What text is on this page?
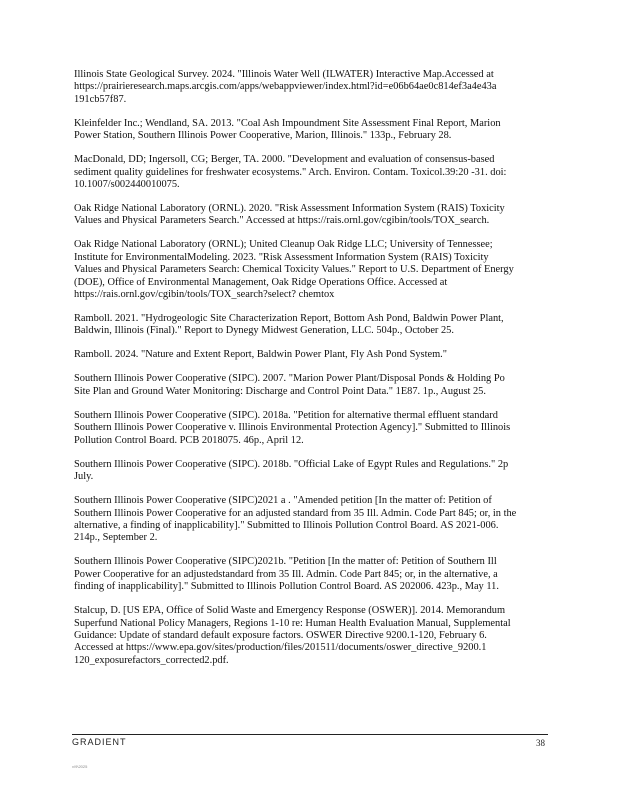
Illinois State Geological Survey. 2024. "Illinois Water Well (ILWATER) Interactive Map.Accessed at
https://prairieresearch.maps.arcgis.com/apps/webappviewer/index.html?id=e06b64ae0c814ef3a4e43a
191cb57f87.
Kleinfelder Inc.; Wendland, SA. 2013. "Coal Ash Impoundment Site Assessment Final Report, Marion
Power Station, Southern Illinois Power Cooperative, Marion, Illinois." 133p., February 28.
MacDonald, DD; Ingersoll, CG; Berger, TA. 2000. "Development and evaluation of consensus-based
sediment quality guidelines for freshwater ecosystems." Arch. Environ. Contam. Toxicol.39:20 -31. doi:
10.1007/s002440010075.
Oak Ridge National Laboratory (ORNL). 2020. "Risk Assessment Information System (RAIS) Toxicity
Values and Physical Parameters Search." Accessed at https://rais.ornl.gov/cgibin/tools/TOX_search.
Oak Ridge National Laboratory (ORNL); United Cleanup Oak Ridge LLC; University of Tennessee;
Institute for EnvironmentalModeling. 2023. "Risk Assessment Information System (RAIS) Toxicity
Values and Physical Parameters Search: Chemical Toxicity Values." Report to U.S. Department of Energy
(DOE), Office of Environmental Management, Oak Ridge Operations Office. Accessed at
https://rais.ornl.gov/cgibin/tools/TOX_search?select? chemtox
Ramboll. 2021. "Hydrogeologic Site Characterization Report, Bottom Ash Pond, Baldwin Power Plant,
Baldwin, Illinois (Final)." Report to Dynegy Midwest Generation, LLC. 504p., October 25.
Ramboll. 2024. "Nature and Extent Report, Baldwin Power Plant, Fly Ash Pond System."
Southern Illinois Power Cooperative (SIPC). 2007. "Marion Power Plant/Disposal Ponds & Holding Po
Site Plan and Ground Water Monitoring: Discharge and Control Point Data." 1E87. 1p., August 25.
Southern Illinois Power Cooperative (SIPC). 2018a. "Petition for alternative thermal effluent standard
Southern Illinois Power Cooperative v. Illinois Environmental Protection Agency]." Submitted to Illinois
Pollution Control Board. PCB 2018075. 46p., April 12.
Southern Illinois Power Cooperative (SIPC). 2018b. "Official Lake of Egypt Rules and Regulations." 2p
July.
Southern Illinois Power Cooperative (SIPC)2021 a . "Amended petition [In the matter of: Petition of
Southern Illinois Power Cooperative for an adjusted standard from 35 Ill. Admin. Code Part 845; or, in the
alternative, a finding of inapplicability]." Submitted to Illinois Pollution Control Board. AS 2021-006.
214p., September 2.
Southern Illinois Power Cooperative (SIPC)2021b. "Petition [In the matter of: Petition of Southern Ill
Power Cooperative for an adjustedstandard from 35 Ill. Admin. Code Part 845; or, in the alternative, a
finding of inapplicability]." Submitted to Illinois Pollution Control Board. AS 202006. 423p., May 11.
Stalcup, D. [US EPA, Office of Solid Waste and Emergency Response (OSWER)]. 2014. Memorandum
Superfund National Policy Managers, Regions 1-10 re: Human Health Evaluation Manual, Supplemental
Guidance: Update of standard default exposure factors. OSWER Directive 9200.1-120, February 6.
Accessed at https://www.epa.gov/sites/production/files/201511/documents/oswer_directive_9200.1
120_exposurefactors_corrected2.pdf.
GRADIENT	38
v\9\2025
